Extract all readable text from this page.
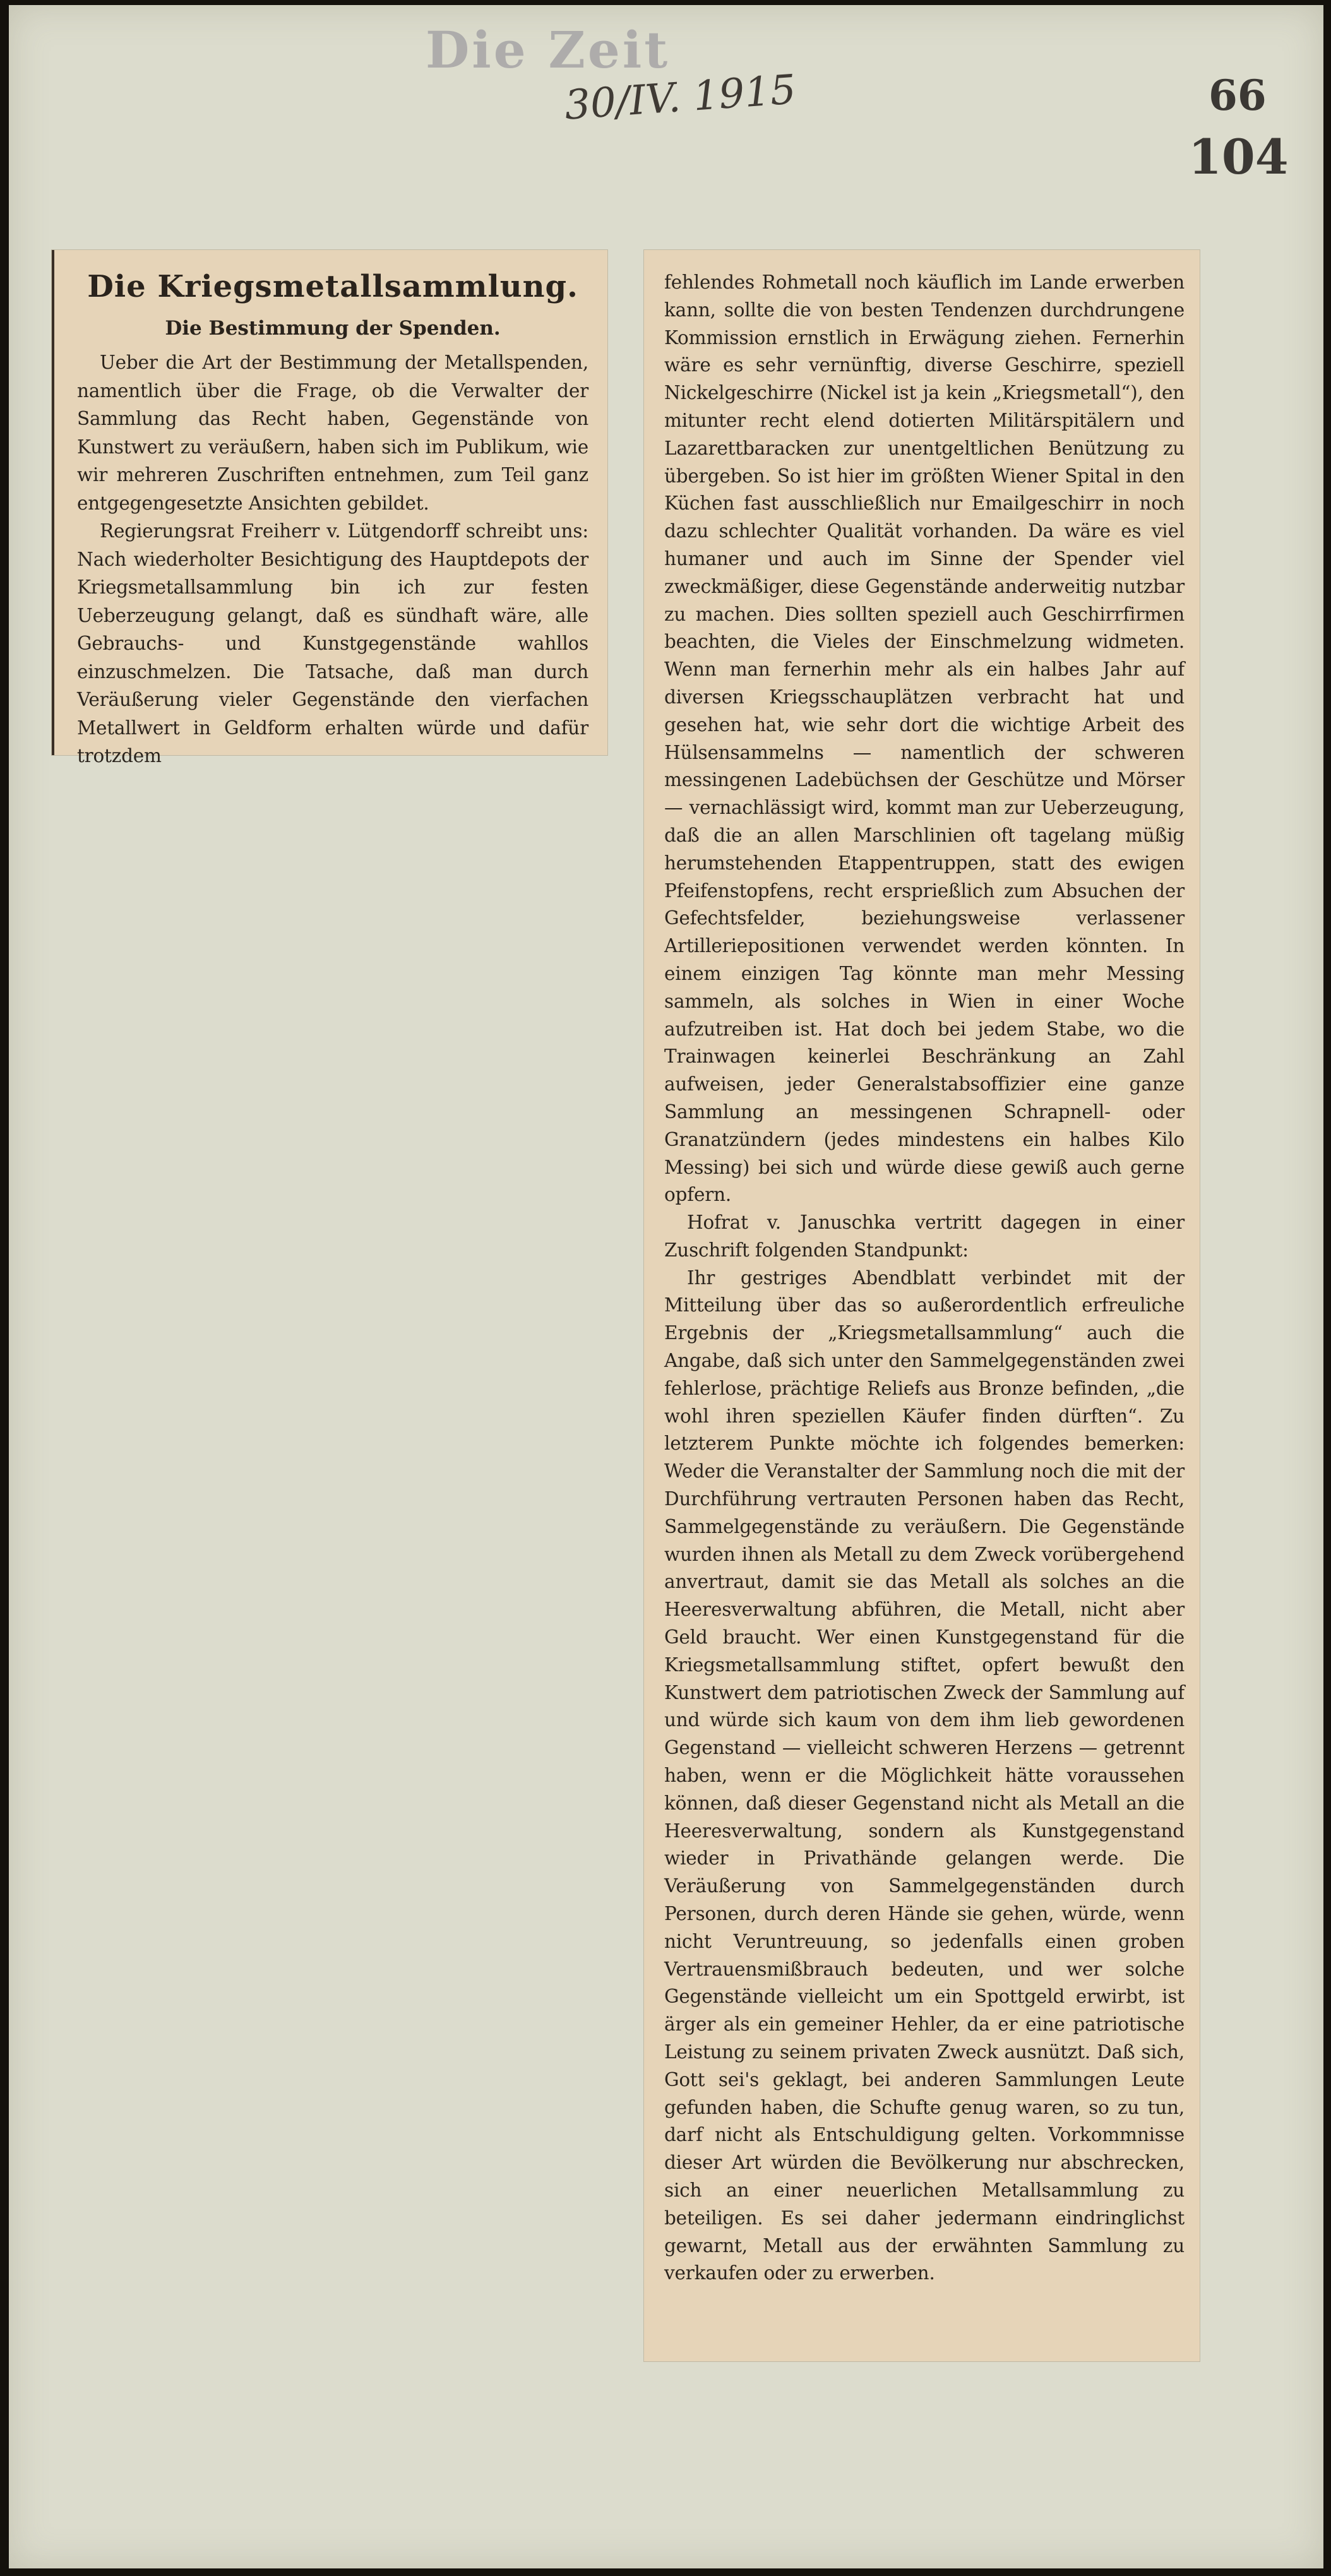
Die Zeit
30/IV. 1915	66
104
Die Kriegsmetallsammlung.
Die Bestimmung der Spenden.

Ueber die Art der Bestimmung der Metallspenden, namentlich über die Frage, ob die Verwalter der Sammlung das Recht haben, Gegenstände von Kunstwert zu veräußern, haben sich im Publikum, wie wir mehreren Zuschriften entnehmen, zum Teil ganz entgegengesetzte Ansichten gebildet.

Regierungsrat Freiherr v. Lütgendorff schreibt uns: Nach wiederholter Besichtigung des Hauptdepots der Kriegsmetallsammlung bin ich zur festen Ueberzeugung gelangt, daß es sündhaft wäre, alle Gebrauchs- und Kunstgegenstände wahllos einzuschmelzen. Die Tatsache, daß man durch Veräußerung vieler Gegenstände den vierfachen Metallwert in Geldform erhalten würde und dafür trotzdem

fehlendes Rohmetall noch käuflich im Lande erwerben kann, sollte die von besten Tendenzen durchdrungene Kommission ernstlich in Erwägung ziehen. Fernerhin wäre es sehr vernünftig, diverse Geschirre, speziell Nickelgeschirre (Nickel ist ja kein „Kriegsmetall“), den mitunter recht elend dotierten Militärspitälern und Lazarettbaracken zur unentgeltlichen Benützung zu übergeben. So ist hier im größten Wiener Spital in den Küchen fast ausschließlich nur Emailgeschirr in noch dazu schlechter Qualität vorhanden. Da wäre es viel humaner und auch im Sinne der Spender viel zweckmäßiger, diese Gegenstände anderweitig nutzbar zu machen. Dies sollten speziell auch Geschirrfirmen beachten, die Vieles der Einschmelzung widmeten. Wenn man fernerhin mehr als ein halbes Jahr auf diversen Kriegsschauplätzen verbracht hat und gesehen hat, wie sehr dort die wichtige Arbeit des Hülsensammelns — namentlich der schweren messingenen Ladebüchsen der Geschütze und Mörser — vernachlässigt wird, kommt man zur Ueberzeugung, daß die an allen Marschlinien oft tagelang müßig herumstehenden Etappentruppen, statt des ewigen Pfeifenstopfens, recht ersprießlich zum Absuchen der Gefechtsfelder, beziehungsweise verlassener Artilleriepositionen verwendet werden könnten. In einem einzigen Tag könnte man mehr Messing sammeln, als solches in Wien in einer Woche aufzutreiben ist. Hat doch bei jedem Stabe, wo die Trainwagen keinerlei Beschränkung an Zahl aufweisen, jeder Generalstabsoffizier eine ganze Sammlung an messingenen Schrapnell- oder Granatzündern (jedes mindestens ein halbes Kilo Messing) bei sich und würde diese gewiß auch gerne opfern.

Hofrat v. Januschka vertritt dagegen in einer Zuschrift folgenden Standpunkt:

Ihr gestriges Abendblatt verbindet mit der Mitteilung über das so außerordentlich erfreuliche Ergebnis der „Kriegsmetallsammlung“ auch die Angabe, daß sich unter den Sammelgegenständen zwei fehlerlose, prächtige Reliefs aus Bronze befinden, „die wohl ihren speziellen Käufer finden dürften“. Zu letzterem Punkte möchte ich folgendes bemerken: Weder die Veranstalter der Sammlung noch die mit der Durchführung vertrauten Personen haben das Recht, Sammelgegenstände zu veräußern. Die Gegenstände wurden ihnen als Metall zu dem Zweck vorübergehend anvertraut, damit sie das Metall als solches an die Heeresverwaltung abführen, die Metall, nicht aber Geld braucht. Wer einen Kunstgegenstand für die Kriegsmetallsammlung stiftet, opfert bewußt den Kunstwert dem patriotischen Zweck der Sammlung auf und würde sich kaum von dem ihm lieb gewordenen Gegenstand — vielleicht schweren Herzens — getrennt haben, wenn er die Möglichkeit hätte voraussehen können, daß dieser Gegenstand nicht als Metall an die Heeresverwaltung, sondern als Kunstgegenstand wieder in Privathände gelangen werde. Die Veräußerung von Sammelgegenständen durch Personen, durch deren Hände sie gehen, würde, wenn nicht Veruntreuung, so jedenfalls einen groben Vertrauensmißbrauch bedeuten, und wer solche Gegenstände vielleicht um ein Spottgeld erwirbt, ist ärger als ein gemeiner Hehler, da er eine patriotische Leistung zu seinem privaten Zweck ausnützt. Daß sich, Gott sei's geklagt, bei anderen Sammlungen Leute gefunden haben, die Schufte genug waren, so zu tun, darf nicht als Entschuldigung gelten. Vorkommnisse dieser Art würden die Bevölkerung nur abschrecken, sich an einer neuerlichen Metallsammlung zu beteiligen. Es sei daher jedermann eindringlichst gewarnt, Metall aus der erwähnten Sammlung zu verkaufen oder zu erwerben.
